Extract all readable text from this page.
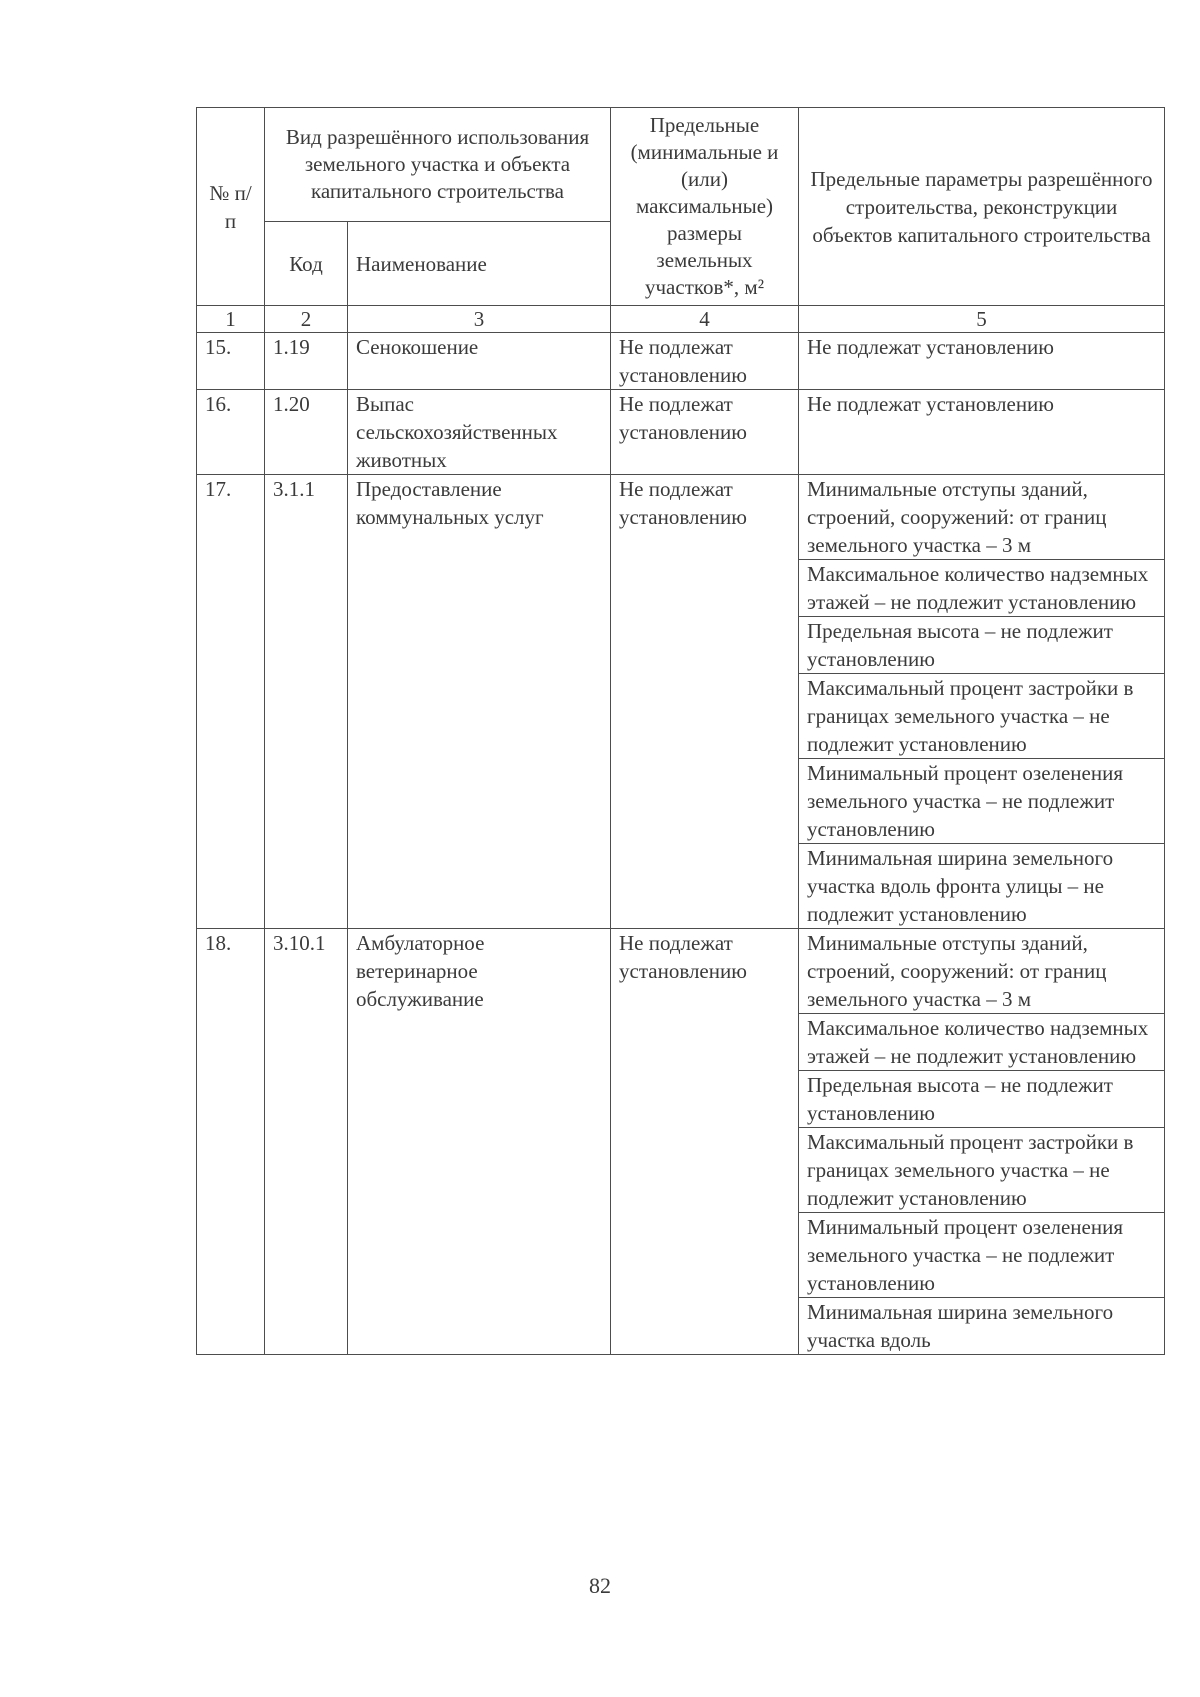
№ п/п	Вид разрешённого использования земельного участка и объекта капитального строительства		Предельные (минимальные и (или) максимальные) размеры земельных участков*, м²	Предельные параметры разрешённого строительства, реконструкции объектов капитального строительства
	Код	Наименование		
1	2	3	4	5
15.	1.19	Сенокошение	Не подлежат установлению	Не подлежат установлению
16.	1.20	Выпас сельскохозяйственных животных	Не подлежат установлению	Не подлежат установлению
17.	3.1.1	Предоставление коммунальных услуг	Не подлежат установлению	Минимальные отступы зданий, строений, сооружений: от границ земельного участка – 3 м
				Максимальное количество надземных этажей – не подлежит установлению
				Предельная высота – не подлежит установлению
				Максимальный процент застройки в границах земельного участка – не подлежит установлению
				Минимальный процент озеленения земельного участка – не подлежит установлению
				Минимальная ширина земельного участка вдоль фронта улицы – не подлежит установлению
18.	3.10.1	Амбулаторное ветеринарное обслуживание	Не подлежат установлению	Минимальные отступы зданий, строений, сооружений: от границ земельного участка – 3 м
				Максимальное количество надземных этажей – не подлежит установлению
				Предельная высота – не подлежит установлению
				Максимальный процент застройки в границах земельного участка – не подлежит установлению
				Минимальный процент озеленения земельного участка – не подлежит установлению
				Минимальная ширина земельного участка вдоль
82
